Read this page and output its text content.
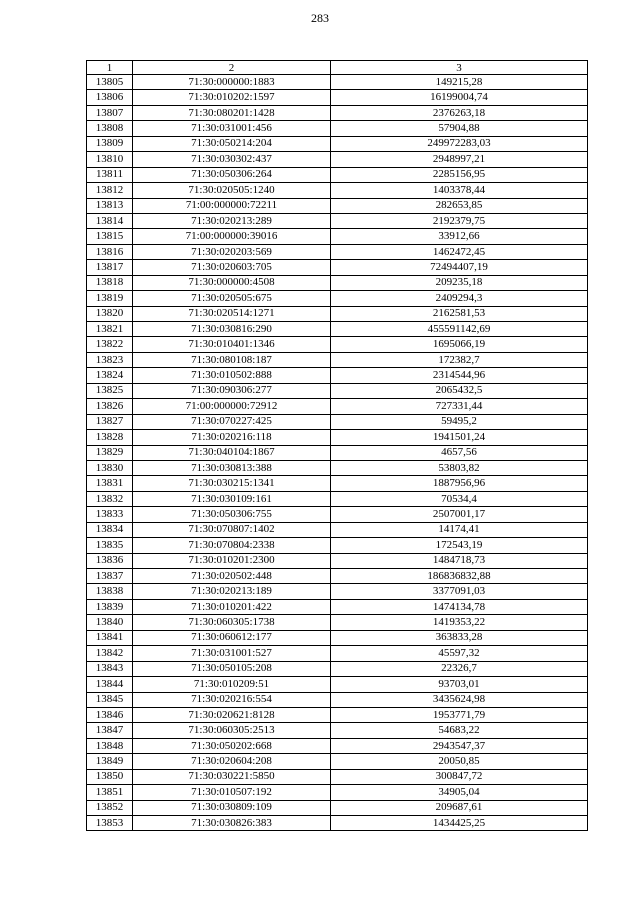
283
1	2	3
13805	71:30:000000:1883	149215,28
13806	71:30:010202:1597	16199004,74
13807	71:30:080201:1428	2376263,18
13808	71:30:031001:456	57904,88
13809	71:30:050214:204	249972283,03
13810	71:30:030302:437	2948997,21
13811	71:30:050306:264	2285156,95
13812	71:30:020505:1240	1403378,44
13813	71:00:000000:72211	282653,85
13814	71:30:020213:289	2192379,75
13815	71:00:000000:39016	33912,66
13816	71:30:020203:569	1462472,45
13817	71:30:020603:705	72494407,19
13818	71:30:000000:4508	209235,18
13819	71:30:020505:675	2409294,3
13820	71:30:020514:1271	2162581,53
13821	71:30:030816:290	455591142,69
13822	71:30:010401:1346	1695066,19
13823	71:30:080108:187	172382,7
13824	71:30:010502:888	2314544,96
13825	71:30:090306:277	2065432,5
13826	71:00:000000:72912	727331,44
13827	71:30:070227:425	59495,2
13828	71:30:020216:118	1941501,24
13829	71:30:040104:1867	4657,56
13830	71:30:030813:388	53803,82
13831	71:30:030215:1341	1887956,96
13832	71:30:030109:161	70534,4
13833	71:30:050306:755	2507001,17
13834	71:30:070807:1402	14174,41
13835	71:30:070804:2338	172543,19
13836	71:30:010201:2300	1484718,73
13837	71:30:020502:448	186836832,88
13838	71:30:020213:189	3377091,03
13839	71:30:010201:422	1474134,78
13840	71:30:060305:1738	1419353,22
13841	71:30:060612:177	363833,28
13842	71:30:031001:527	45597,32
13843	71:30:050105:208	22326,7
13844	71:30:010209:51	93703,01
13845	71:30:020216:554	3435624,98
13846	71:30:020621:8128	1953771,79
13847	71:30:060305:2513	54683,22
13848	71:30:050202:668	2943547,37
13849	71:30:020604:208	20050,85
13850	71:30:030221:5850	300847,72
13851	71:30:010507:192	34905,04
13852	71:30:030809:109	209687,61
13853	71:30:030826:383	1434425,25
